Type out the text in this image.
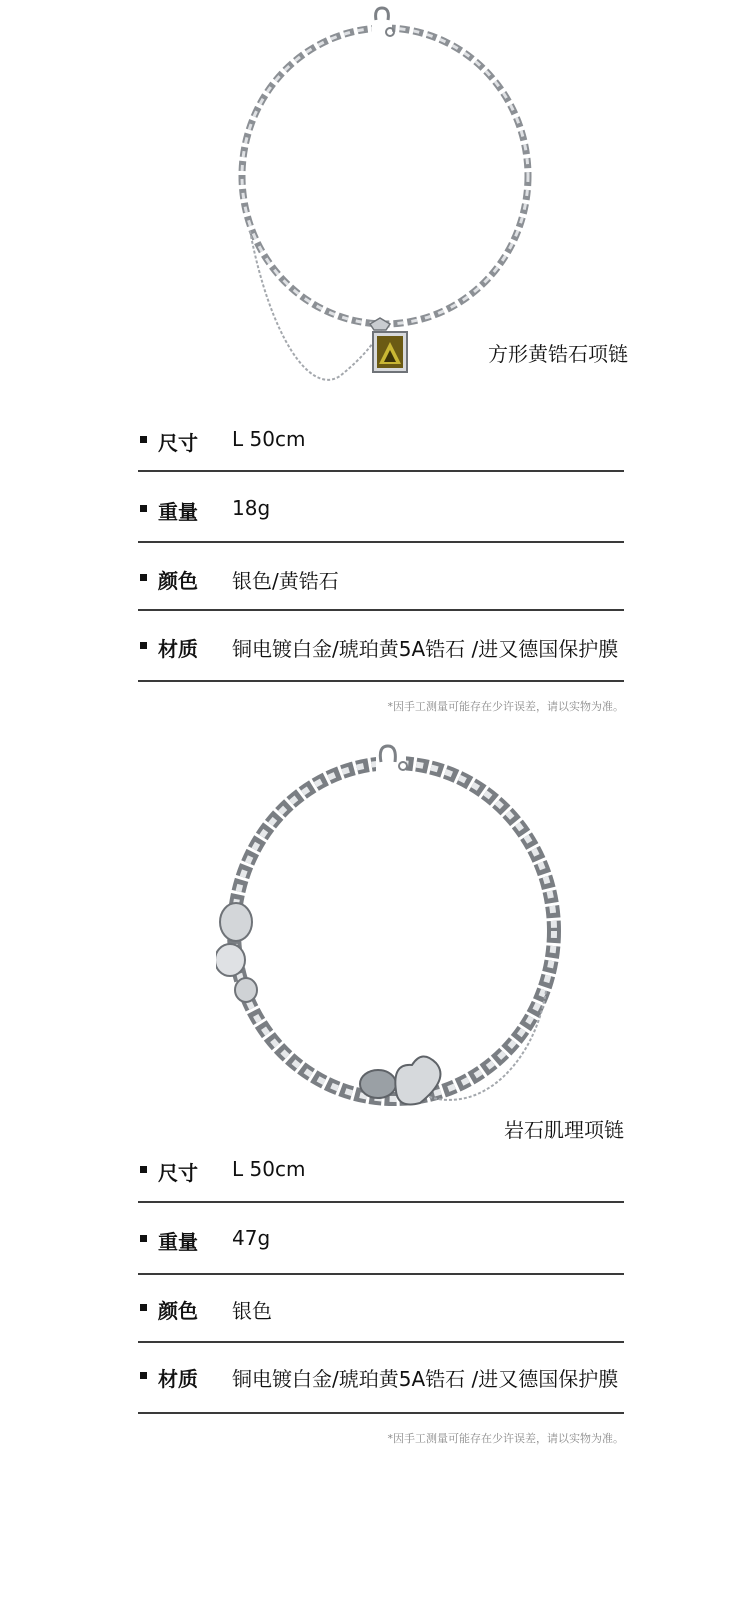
方形黄锆石项链
尺寸 L 50cm
重量 18g
颜色 银色/黄锆石
材质 铜电镀白金/琥珀黄5A锆石 /进又德国保护膜
*因手工测量可能存在少许误差，请以实物为准。
岩石肌理项链
尺寸 L 50cm
重量 47g
颜色 银色
材质 铜电镀白金/琥珀黄5A锆石 /进又德国保护膜
*因手工测量可能存在少许误差，请以实物为准。
